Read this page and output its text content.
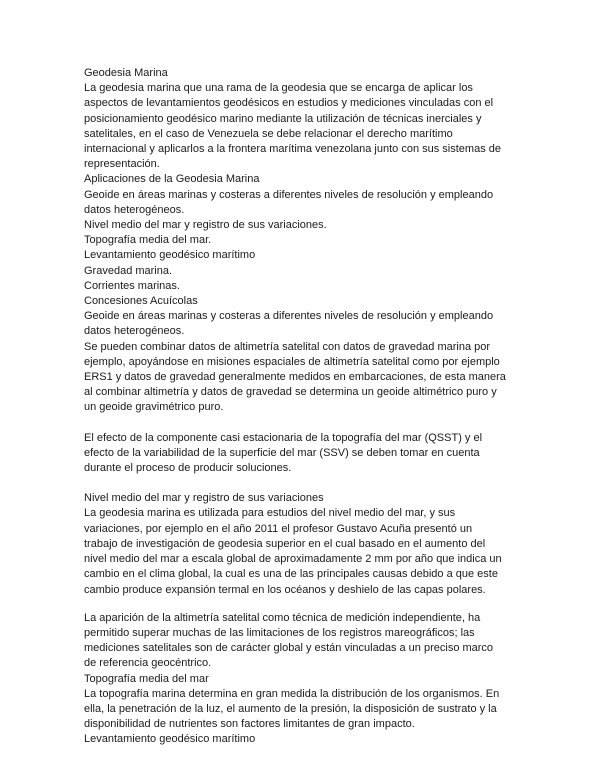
Geodesia Marina

La geodesia marina que una rama de la geodesia que se encarga de aplicar los

aspectos de levantamientos geodésicos en estudios y mediciones vinculadas con el

posicionamiento geodésico marino mediante la utilización de técnicas inerciales y

satelitales, en el caso de Venezuela se debe relacionar el derecho marítimo

internacional y aplicarlos a la frontera marítima venezolana junto con sus sistemas de

representación.

Aplicaciones de la Geodesia Marina

Geoide en áreas marinas y costeras a diferentes niveles de resolución y empleando

datos heterogéneos.

Nivel medio del mar y registro de sus variaciones.

Topografía media del mar.

Levantamiento geodésico marítimo

Gravedad marina.

Corrientes marinas.

Concesiones Acuícolas

Geoide en áreas marinas y costeras a diferentes niveles de resolución y empleando

datos heterogéneos.

Se pueden combinar datos de altimetría satelital con datos de gravedad marina por

ejemplo, apoyándose en misiones espaciales de altimetría satelital como por ejemplo

ERS1 y datos de gravedad generalmente medidos en embarcaciones, de esta manera

al combinar altimetría y datos de gravedad se determina un geoide altimétrico puro y

un geoide gravimétrico puro.

El efecto de la componente casi estacionaria de la topografía del mar (QSST) y el

efecto de la variabilidad de la superficie del mar (SSV) se deben tomar en cuenta

durante el proceso de producir soluciones.

Nivel medio del mar y registro de sus variaciones

La geodesia marina es utilizada para estudios del nivel medio del mar, y sus

variaciones, por ejemplo en el año 2011 el profesor Gustavo Acuña presentó un

trabajo de investigación de geodesia superior en el cual basado en el aumento del

nivel medio del mar a escala global de aproximadamente 2 mm por año que indica un

cambio en el clima global, la cual es una de las principales causas debido a que este

cambio produce expansión termal en los océanos y deshielo de las capas polares.

La aparición de la altimetría satelital como técnica de medición independiente, ha

permitido superar muchas de las limitaciones de los registros mareográficos; las

mediciones satelitales son de carácter global y están vinculadas a un preciso marco

de referencia geocéntrico.

Topografía media del mar

La topografía marina determina en gran medida la distribución de los organismos. En

ella, la penetración de la luz, el aumento de la presión, la disposición de sustrato y la

disponibilidad de nutrientes son factores limitantes de gran impacto.

Levantamiento geodésico marítimo
